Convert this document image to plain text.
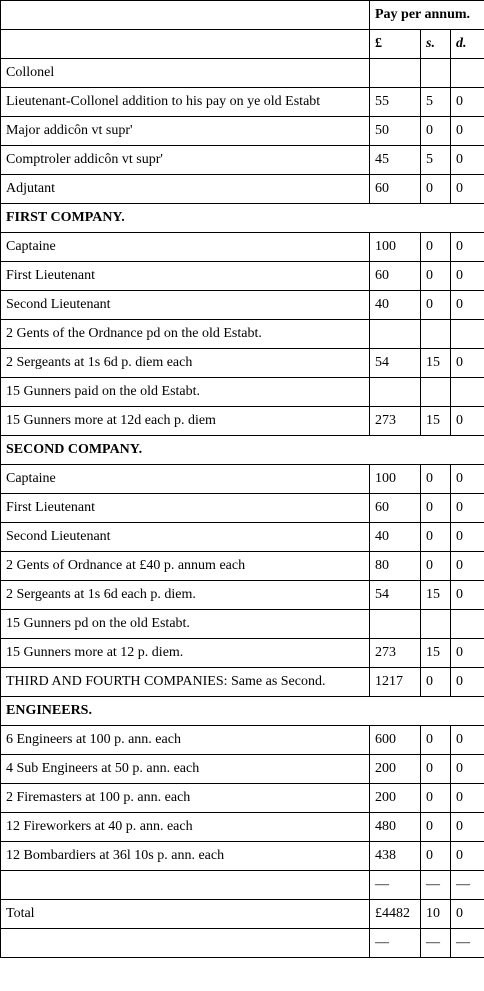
	Pay per annum.		
	£	s.	d.
Collonel			
Lieutenant-Collonel addition to his pay on ye old Estabt	55	5	0
Major addicôn vt supr'	50	0	0
Comptroler addicôn vt supr'	45	5	0
Adjutant	60	0	0
FIRST COMPANY.			
Captaine	100	0	0
First Lieutenant	60	0	0
Second Lieutenant	40	0	0
2 Gents of the Ordnance pd on the old Estabt.			
2 Sergeants at 1s 6d p. diem each	54	15	0
15 Gunners paid on the old Estabt.			
15 Gunners more at 12d each p. diem	273	15	0
SECOND COMPANY.			
Captaine	100	0	0
First Lieutenant	60	0	0
Second Lieutenant	40	0	0
2 Gents of Ordnance at £40 p. annum each	80	0	0
2 Sergeants at 1s 6d each p. diem.	54	15	0
15 Gunners pd on the old Estabt.			
15 Gunners more at 12 p. diem.	273	15	0
THIRD AND FOURTH COMPANIES: Same as Second.	1217	0	0
ENGINEERS.			
6 Engineers at 100 p. ann. each	600	0	0
4 Sub Engineers at 50 p. ann. each	200	0	0
2 Firemasters at 100 p. ann. each	200	0	0
12 Fireworkers at 40 p. ann. each	480	0	0
12 Bombardiers at 36l 10s p. ann. each	438	0	0
	—	—	—
Total	£4482	10	0
	—	—	—
